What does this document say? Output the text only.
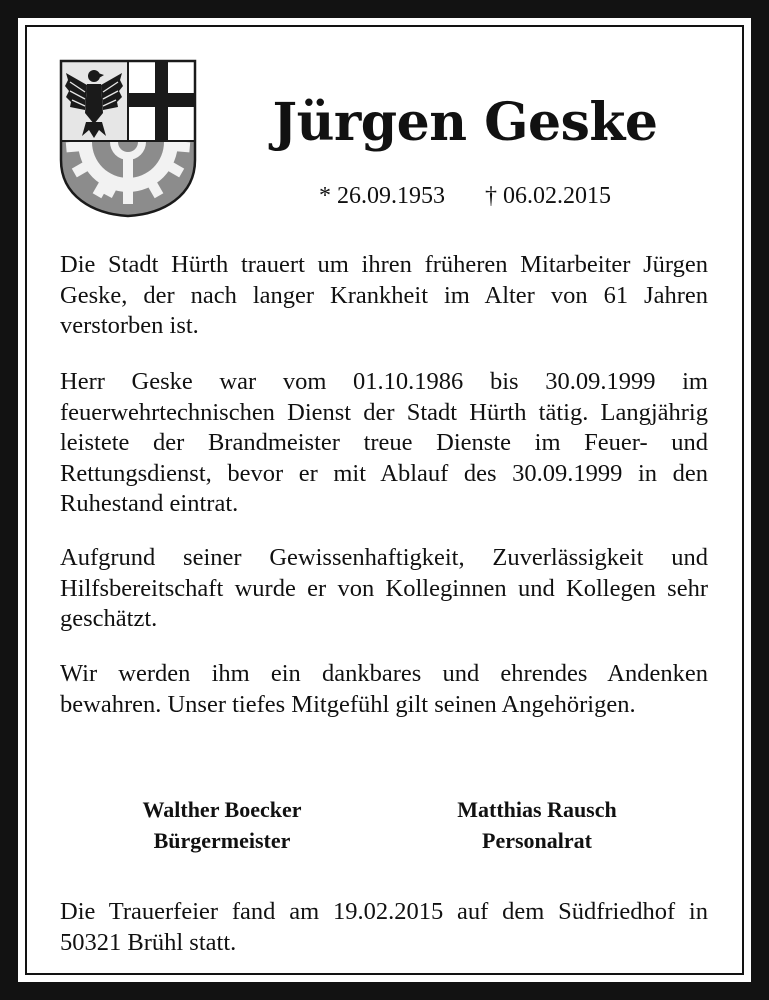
Jürgen Geske
* 26.09.1953 † 06.02.2015

Die Stadt Hürth trauert um ihren früheren Mitarbeiter Jürgen Geske, der nach langer Krankheit im Alter von 61 Jahren verstorben ist.

Herr Geske war vom 01.10.1986 bis 30.09.1999 im feuerwehrtechnischen Dienst der Stadt Hürth tätig. Langjährig leistete der Brandmeister treue Dienste im Feuer- und Rettungsdienst, bevor er mit Ablauf des 30.09.1999 in den Ruhestand eintrat.

Aufgrund seiner Gewissenhaftigkeit, Zuverlässigkeit und Hilfsbereitschaft wurde er von Kolleginnen und Kollegen sehr geschätzt.

Wir werden ihm ein dankbares und ehrendes Andenken bewahren. Unser tiefes Mitgefühl gilt seinen Angehörigen.

Walther Boecker
Bürgermeister
Matthias Rausch
Personalrat

Die Trauerfeier fand am 19.02.2015 auf dem Südfriedhof in 50321 Brühl statt.
